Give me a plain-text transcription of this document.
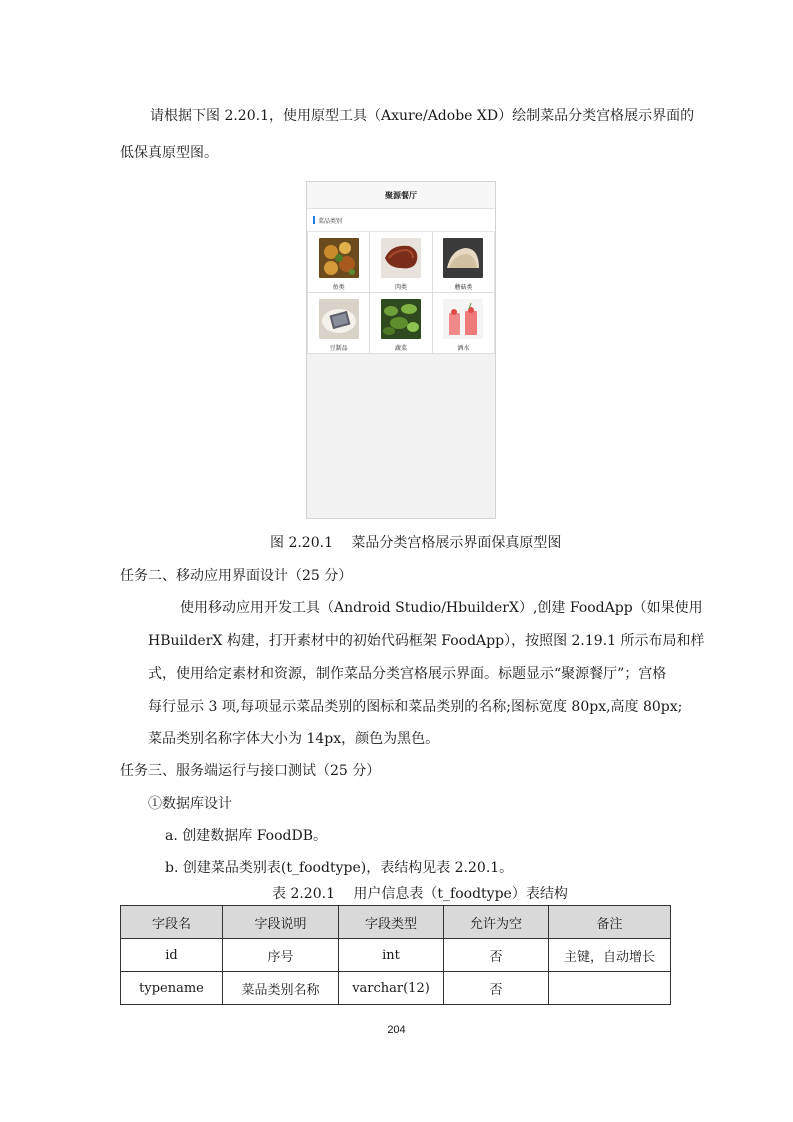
请根据下图 2.20.1，使用原型工具（Axure/Adobe XD）绘制菜品分类宫格展示界面的
低保真原型图。
聚源餐厅
菜品类别
鱼类	肉类	蘑菇类
豆制品	蔬菜	酒水
图 2.20.1　 菜品分类宫格展示界面保真原型图
任务二、移动应用界面设计（25 分）
使用移动应用开发工具（Android Studio/HbuilderX）,创建 FoodApp（如果使用
HBuilderX 构建，打开素材中的初始代码框架 FoodApp），按照图 2.19.1 所示布局和样
式，使用给定素材和资源，制作菜品分类宫格展示界面。标题显示“聚源餐厅”；宫格
每行显示 3 项,每项显示菜品类别的图标和菜品类别的名称;图标宽度 80px,高度 80px;
菜品类别名称字体大小为 14px，颜色为黑色。
任务三、服务端运行与接口测试（25 分）
①数据库设计
a. 创建数据库 FoodDB。
b. 创建菜品类别表(t_foodtype)，表结构见表 2.20.1。
表 2.20.1　 用户信息表（t_foodtype）表结构
字段名	字段说明	字段类型	允许为空	备注
id	序号	int	否	主键，自动增长
typename	菜品类别名称	varchar(12)	否	
204
